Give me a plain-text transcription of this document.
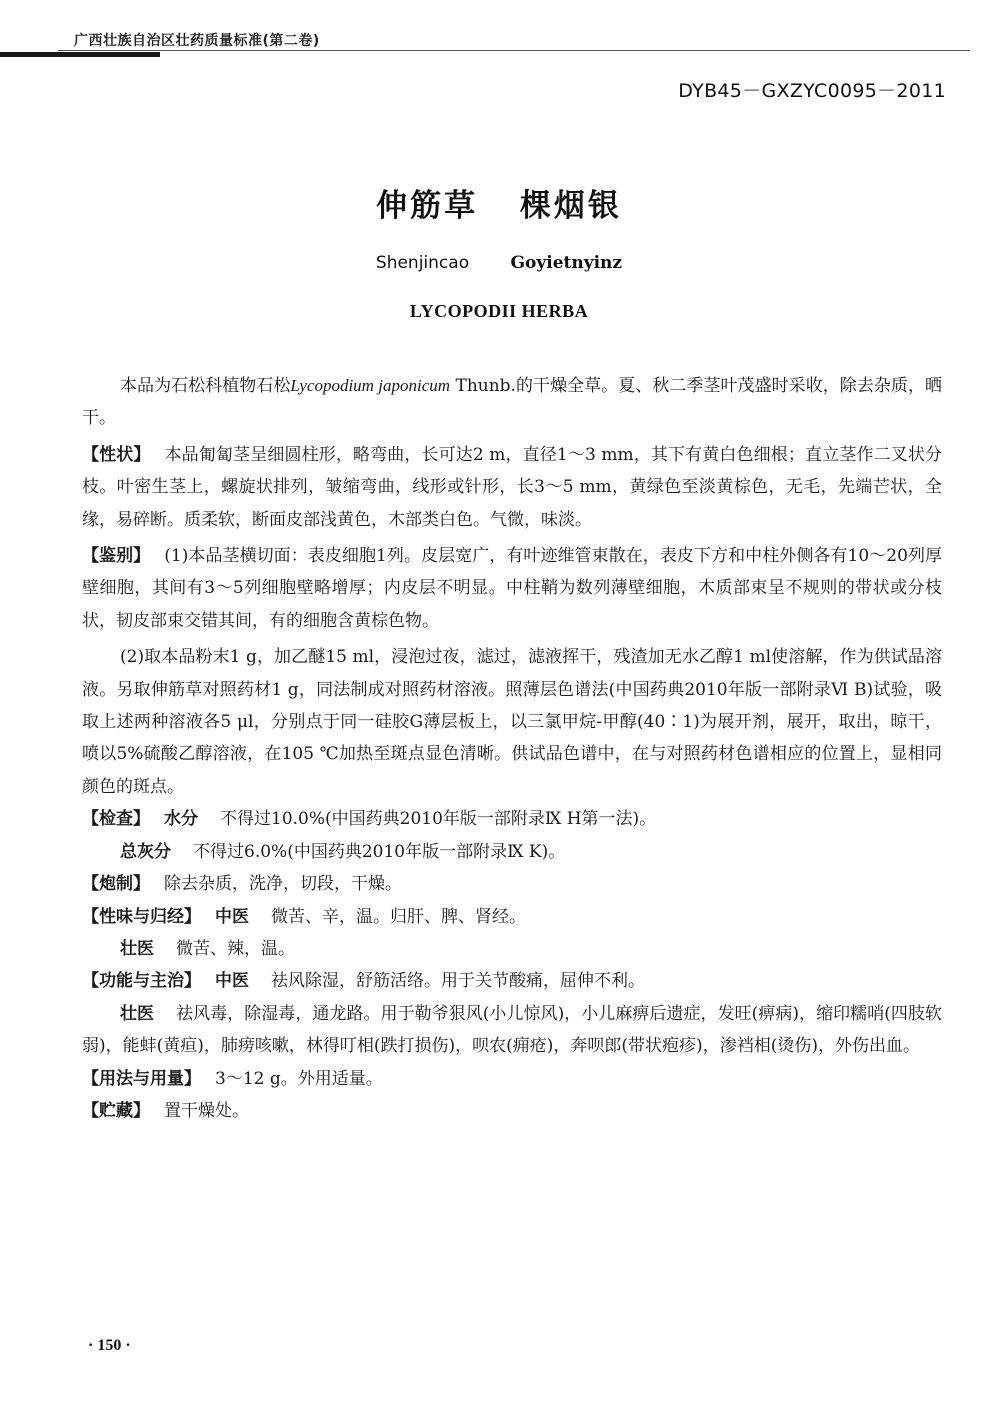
广西壮族自治区壮药质量标准(第二卷)
DYB45－GXZYC0095－2011
伸筋草 棵烟银
Shenjincao Goyietnyinz
LYCOPODII HERBA

本品为石松科植物石松Lycopodium japonicum Thunb.的干燥全草。夏、秋二季茎叶茂盛时采收，除去杂质，晒干。

【性状】 本品匍匐茎呈细圆柱形，略弯曲，长可达2 m，直径1～3 mm，其下有黄白色细根；直立茎作二叉状分枝。叶密生茎上，螺旋状排列，皱缩弯曲，线形或针形，长3～5 mm，黄绿色至淡黄棕色，无毛，先端芒状，全缘，易碎断。质柔软，断面皮部浅黄色，木部类白色。气微，味淡。

【鉴别】 (1)本品茎横切面：表皮细胞1列。皮层宽广，有叶迹维管束散在，表皮下方和中柱外侧各有10～20列厚壁细胞，其间有3～5列细胞壁略增厚；内皮层不明显。中柱鞘为数列薄壁细胞，木质部束呈不规则的带状或分枝状，韧皮部束交错其间，有的细胞含黄棕色物。

(2)取本品粉末1 g，加乙醚15 ml，浸泡过夜，滤过，滤液挥干，残渣加无水乙醇1 ml使溶解，作为供试品溶液。另取伸筋草对照药材1 g，同法制成对照药材溶液。照薄层色谱法(中国药典2010年版一部附录Ⅵ B)试验，吸取上述两种溶液各5 μl，分别点于同一硅胶G薄层板上，以三氯甲烷-甲醇(40∶1)为展开剂，展开，取出，晾干，喷以5%硫酸乙醇溶液，在105 ℃加热至斑点显色清晰。供试品色谱中，在与对照药材色谱相应的位置上，显相同颜色的斑点。

【检查】 水分 不得过10.0%(中国药典2010年版一部附录Ⅸ H第一法)。

总灰分 不得过6.0%(中国药典2010年版一部附录Ⅸ K)。

【炮制】 除去杂质，洗净，切段，干燥。

【性味与归经】 中医 微苦、辛，温。归肝、脾、肾经。

壮医 微苦、辣，温。

【功能与主治】 中医 祛风除湿，舒筋活络。用于关节酸痛，屈伸不利。

壮医 祛风毒，除湿毒，通龙路。用于勒爷狠风(小儿惊风)，小儿麻痹后遗症，发旺(痹病)，缩印糯哨(四肢软弱)，能蚌(黄疸)，肺痨咳嗽，林得叮相(跌打损伤)，呗农(痈疮)，奔呗郎(带状疱疹)，渗裆相(烫伤)，外伤出血。

【用法与用量】 3～12 g。外用适量。

【贮藏】 置干燥处。

· 150 ·
